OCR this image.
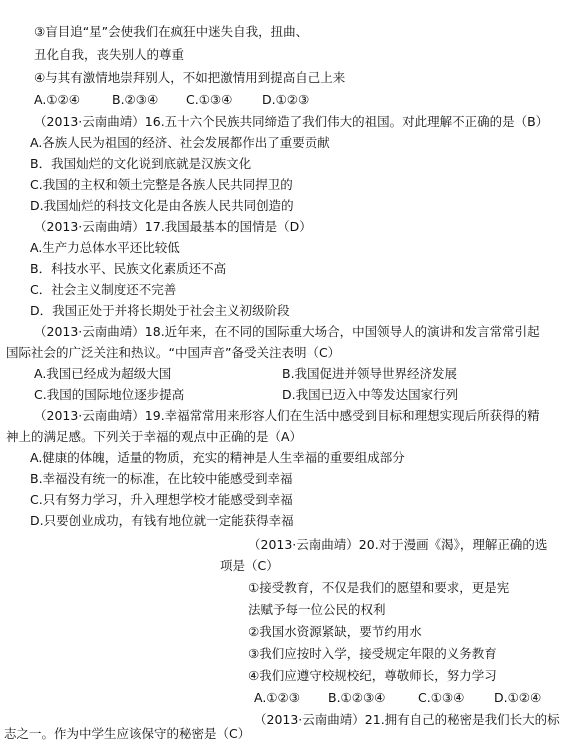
③盲目追“星”会使我们在疯狂中迷失自我，扭曲、
丑化自我，丧失别人的尊重
④与其有激情地崇拜别人，不如把激情用到提高自己上来
A.①②④	B.②③④ C.①③④ D.①②③
（2013·云南曲靖）16.五十六个民族共同缔造了我们伟大的祖国。对此理解不正确的是（B）
A.各族人民为祖国的经济、社会发展都作出了重要贡献
B．我国灿烂的文化说到底就是汉族文化
C.我国的主权和领土完整是各族人民共同捍卫的
D.我国灿烂的科技文化是由各族人民共同创造的
（2013·云南曲靖）17.我国最基本的国情是（D）
A.生产力总体水平还比较低
B．科技水平、民族文化素质还不高
C．社会主义制度还不完善
D．我国正处于并将长期处于社会主义初级阶段
（2013·云南曲靖）18.近年来，在不同的国际重大场合，中国领导人的演讲和发言常常引起
国际社会的广泛关注和热议。“中国声音”备受关注表明（C）
A.我国已经成为超级大国	B.我国促进并领导世界经济发展
C.我国的国际地位逐步提高	D.我国已迈入中等发达国家行列
（2013·云南曲靖）19.幸福常常用来形容人们在生活中感受到目标和理想实现后所获得的精
神上的满足感。下列关于幸福的观点中正确的是（A）
A.健康的体魄，适量的物质，充实的精神是人生幸福的重要组成部分
B.幸福没有统一的标准，在比较中能感受到幸福
C.只有努力学习，升入理想学校才能感受到幸福
D.只要创业成功，有钱有地位就一定能获得幸福
（2013·云南曲靖）20.对于漫画《渴》，理解正确的选
项是（C）
①接受教育，不仅是我们的愿望和要求，更是宪
法赋予每一位公民的权利
②我国水资源紧缺，要节约用水
③我们应按时入学，接受规定年限的义务教育
④我们应遵守校规校纪，尊敬师长，努力学习
A.①②③ B.①②③④	C.①③④ D.①②④
（2013·云南曲靖）21.拥有自己的秘密是我们长大的标
志之一。作为中学生应该保守的秘密是（C）
